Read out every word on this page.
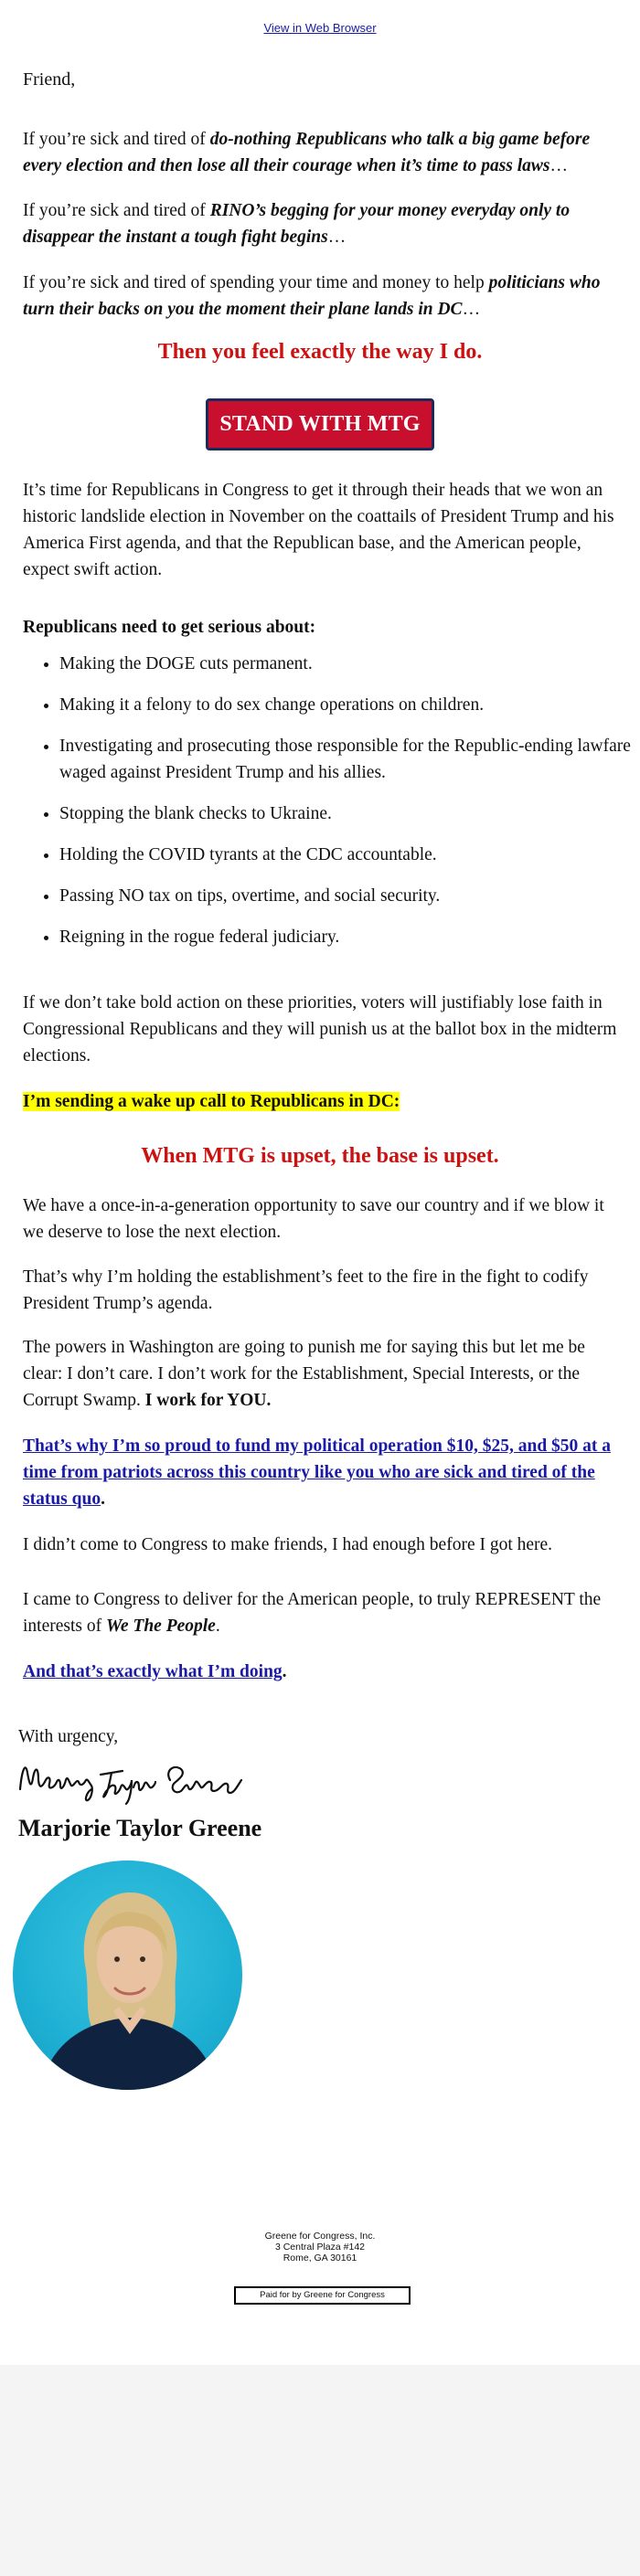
View in Web Browser

Friend,

If you’re sick and tired of do-nothing Republicans who talk a big game before every election and then lose all their courage when it’s time to pass laws…

If you’re sick and tired of RINO’s begging for your money everyday only to disappear the instant a tough fight begins…

If you’re sick and tired of spending your time and money to help politicians who turn their backs on you the moment their plane lands in DC…

Then you feel exactly the way I do.
STAND WITH MTG

It’s time for Republicans in Congress to get it through their heads that we won an historic landslide election in November on the coattails of President Trump and his America First agenda, and that the Republican base, and the American people, expect swift action.

Republicans need to get serious about:

• Making the DOGE cuts permanent.
• Making it a felony to do sex change operations on children.
• Investigating and prosecuting those responsible for the Republic-ending lawfare waged against President Trump and his allies.
• Stopping the blank checks to Ukraine.
• Holding the COVID tyrants at the CDC accountable.
• Passing NO tax on tips, overtime, and social security.
• Reigning in the rogue federal judiciary.

If we don’t take bold action on these priorities, voters will justifiably lose faith in Congressional Republicans and they will punish us at the ballot box in the midterm elections.

I’m sending a wake up call to Republicans in DC:

When MTG is upset, the base is upset.

We have a once-in-a-generation opportunity to save our country and if we blow it we deserve to lose the next election.

That’s why I’m holding the establishment’s feet to the fire in the fight to codify President Trump’s agenda.

The powers in Washington are going to punish me for saying this but let me be clear: I don’t care. I don’t work for the Establishment, Special Interests, or the Corrupt Swamp. I work for YOU.

That’s why I’m so proud to fund my political operation $10, $25, and $50 at a time from patriots across this country like you who are sick and tired of the status quo.

I didn’t come to Congress to make friends, I had enough before I got here.

I came to Congress to deliver for the American people, to truly REPRESENT the interests of We The People.

And that’s exactly what I’m doing.

With urgency,

Marjorie Taylor Greene
Greene for Congress, Inc.
3 Central Plaza #142
Rome, GA 30161
Paid for by Greene for Congress
